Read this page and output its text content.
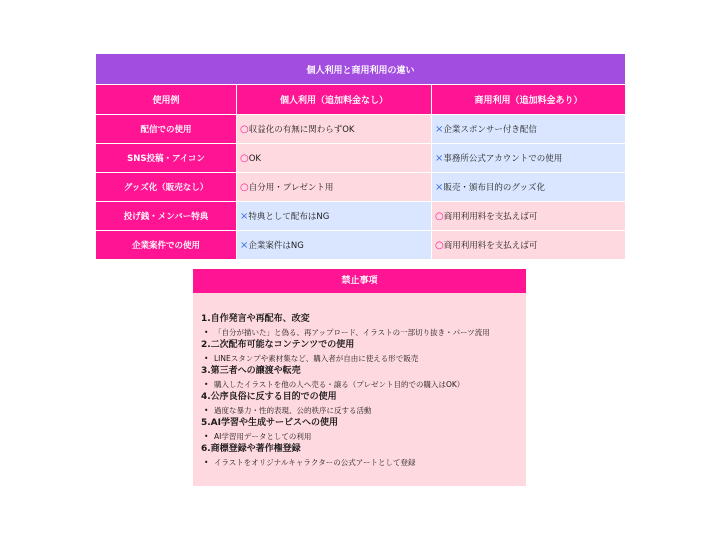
個人利用と商用利用の違い		
使用例	個人利用（追加料金なし）	商用利用（追加料金あり）
配信での使用	○収益化の有無に関わらずOK	×企業スポンサー付き配信
SNS投稿・アイコン	○OK	×事務所公式アカウントでの使用
グッズ化（販売なし）	○自分用・プレゼント用	×販売・頒布目的のグッズ化
投げ銭・メンバー特典	×特典として配布はNG	○商用利用料を支払えば可
企業案件での使用	×企業案件はNG	○商用利用料を支払えば可
禁止事項
1.自作発言や再配布、改変
• 「自分が描いた」と偽る、再アップロード、イラストの一部切り抜き・パーツ流用
2.二次配布可能なコンテンツでの使用
• LINEスタンプや素材集など、購入者が自由に使える形で販売
3.第三者への譲渡や転売
• 購入したイラストを他の人へ売る・譲る（プレゼント目的での購入はOK）
4.公序良俗に反する目的での使用
• 過度な暴力・性的表現、公的秩序に反する活動
5.AI学習や生成サービスへの使用
• AI学習用データとしての利用
6.商標登録や著作権登録
• イラストをオリジナルキャラクターの公式アートとして登録
